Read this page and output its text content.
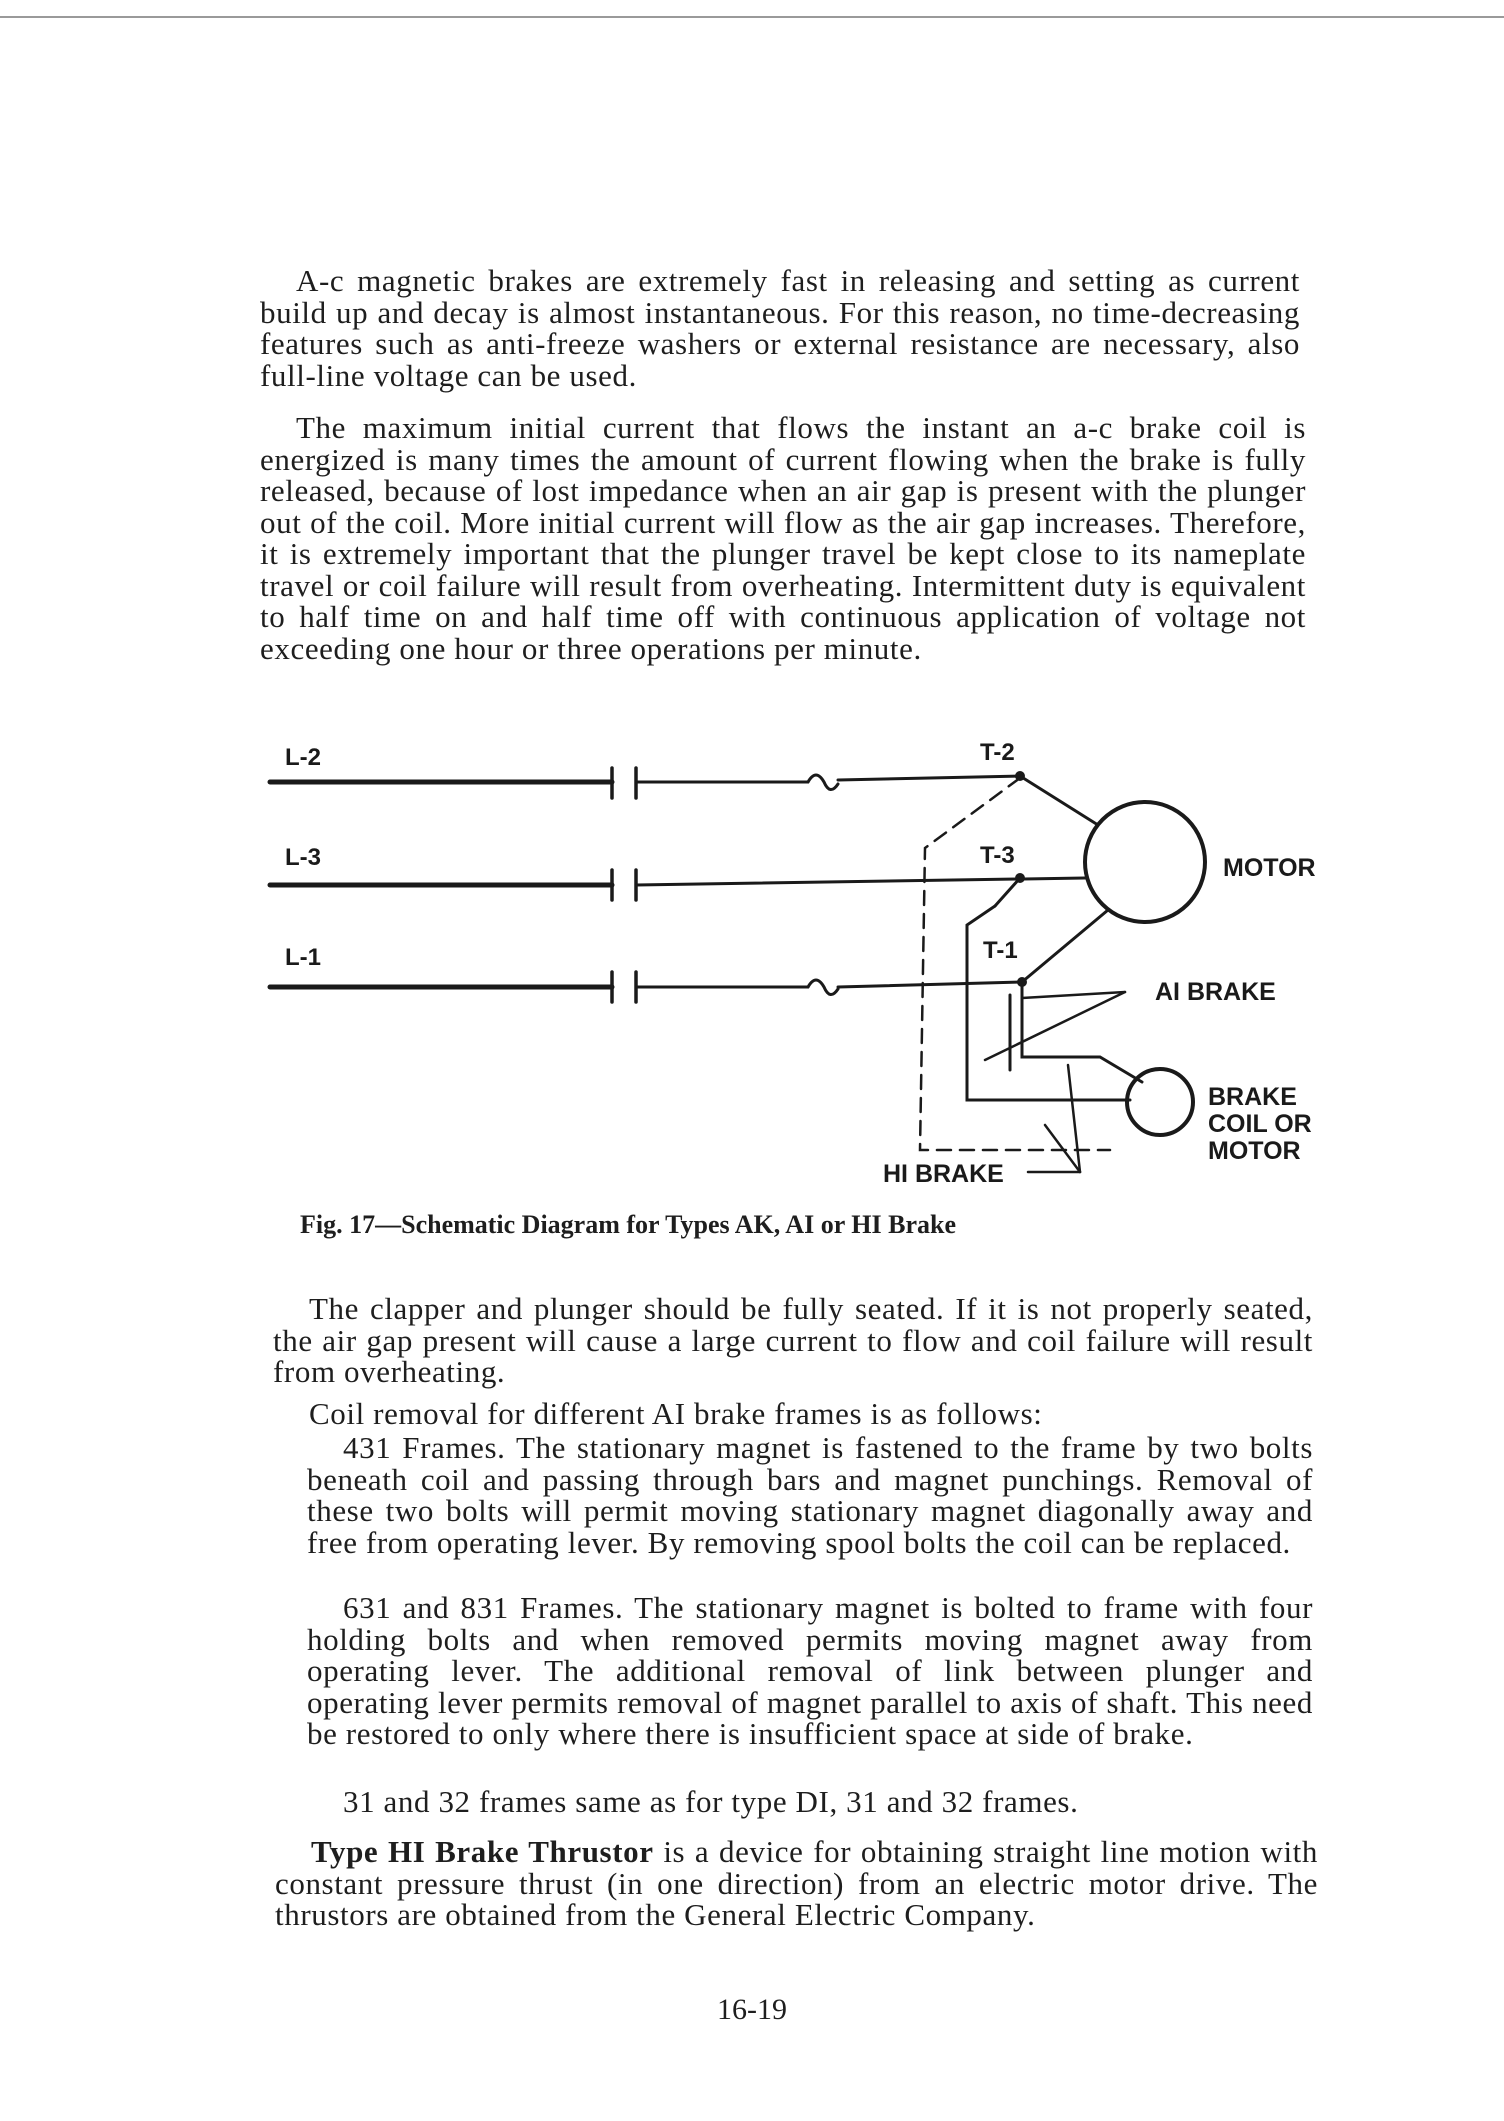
A-c magnetic brakes are extremely fast in releasing and setting as current build up and decay is almost instantaneous. For this reason, no time-decreasing features such as anti-freeze washers or external resistance are necessary, also full-line voltage can be used.

The maximum initial current that flows the instant an a-c brake coil is energized is many times the amount of current flowing when the brake is fully released, because of lost impedance when an air gap is present with the plunger out of the coil. More initial current will flow as the air gap increases. Therefore, it is extremely important that the plunger travel be kept close to its nameplate travel or coil failure will result from overheating. Intermittent duty is equivalent to half time on and half time off with continuous application of voltage not exceeding one hour or three operations per minute.

L-2
L-3
L-1
T-2
T-3
T-1
MOTOR
AI BRAKE
BRAKE
COIL OR
MOTOR
HI BRAKE
Fig. 17—Schematic Diagram for Types AK, AI or HI Brake

The clapper and plunger should be fully seated. If it is not properly seated, the air gap present will cause a large current to flow and coil failure will result from overheating.

Coil removal for different AI brake frames is as follows:

431 Frames. The stationary magnet is fastened to the frame by two bolts beneath coil and passing through bars and magnet punchings. Removal of these two bolts will permit moving stationary magnet diagonally away and free from operating lever. By removing spool bolts the coil can be replaced.

631 and 831 Frames. The stationary magnet is bolted to frame with four holding bolts and when removed permits moving magnet away from operating lever. The additional removal of link between plunger and operating lever permits removal of magnet parallel to axis of shaft. This need be restored to only where there is insufficient space at side of brake.

31 and 32 frames same as for type DI, 31 and 32 frames.

Type HI Brake Thrustor is a device for obtaining straight line motion with constant pressure thrust (in one direction) from an electric motor drive. The thrustors are obtained from the General Electric Company.

16-19
